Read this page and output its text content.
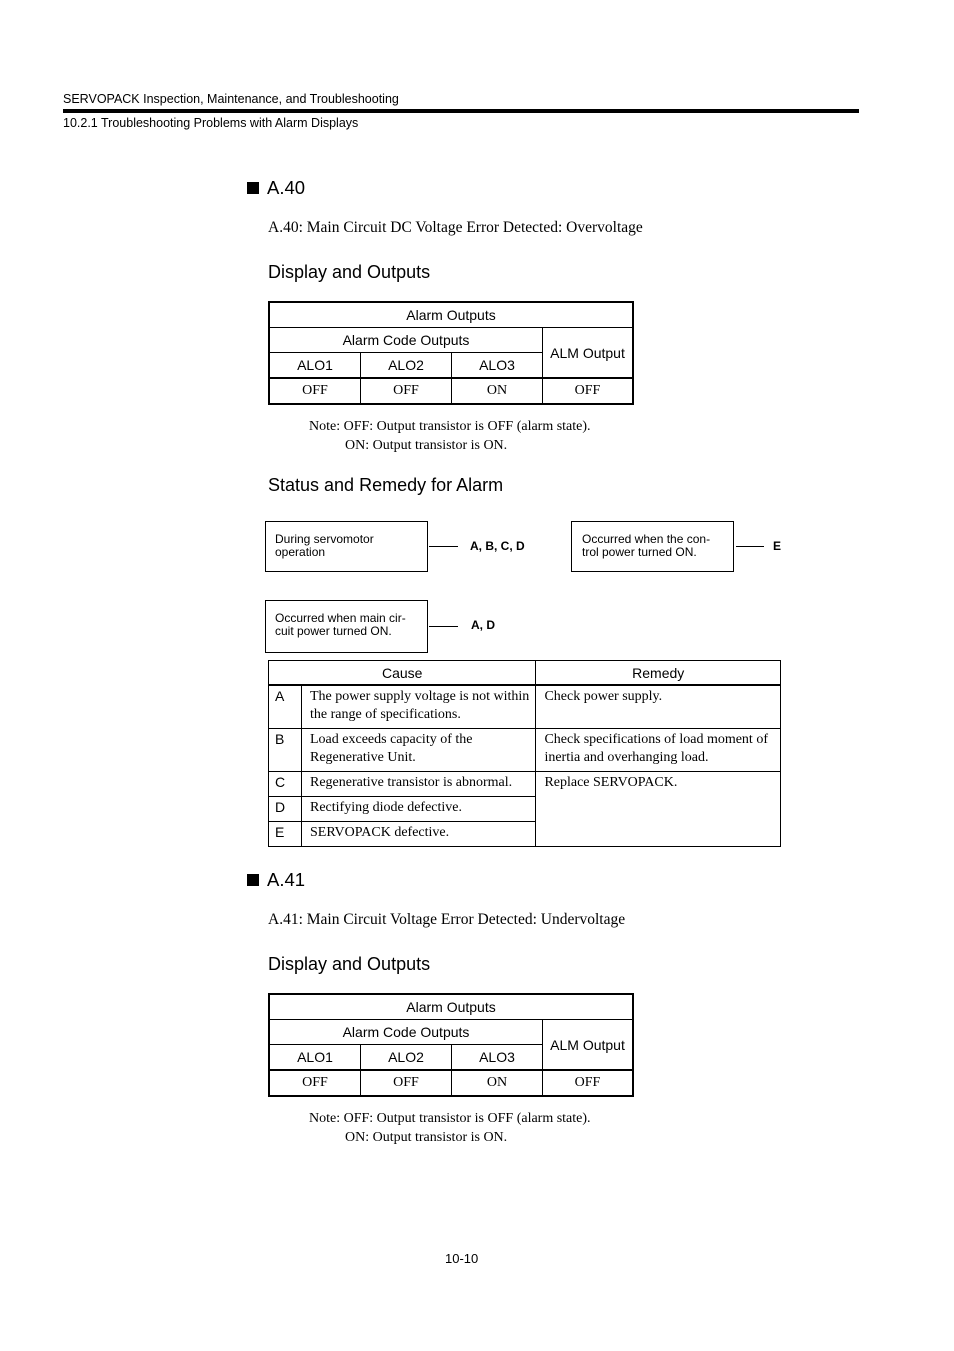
SERVOPACK Inspection, Maintenance, and Troubleshooting
10.2.1 Troubleshooting Problems with Alarm Displays
A.40
A.40: Main Circuit DC Voltage Error Detected: Overvoltage
Display and Outputs
Alarm Outputs			
Alarm Code Outputs			ALM Output
ALO1	ALO2	ALO3	
OFF	OFF	ON	OFF
Note: OFF: Output transistor is OFF (alarm state).
ON: Output transistor is ON.
Status and Remedy for Alarm
During servomotor
operation	A, B, C, D	Occurred when the con-
trol power turned ON.	E
Occurred when main cir-
cuit power turned ON.	A, D
Cause		Remedy
A	The power supply voltage is not within the range of specifications.	Check power supply.
B	Load exceeds capacity of the Regenerative Unit.	Check specifications of load moment of inertia and overhanging load.
C	Regenerative transistor is abnormal.	Replace SERVOPACK.
D	Rectifying diode defective.	
E	SERVOPACK defective.	
A.41
A.41: Main Circuit Voltage Error Detected: Undervoltage
Display and Outputs
Alarm Outputs			
Alarm Code Outputs			ALM Output
ALO1	ALO2	ALO3	
OFF	OFF	ON	OFF
Note: OFF: Output transistor is OFF (alarm state).
ON: Output transistor is ON.
10-10
